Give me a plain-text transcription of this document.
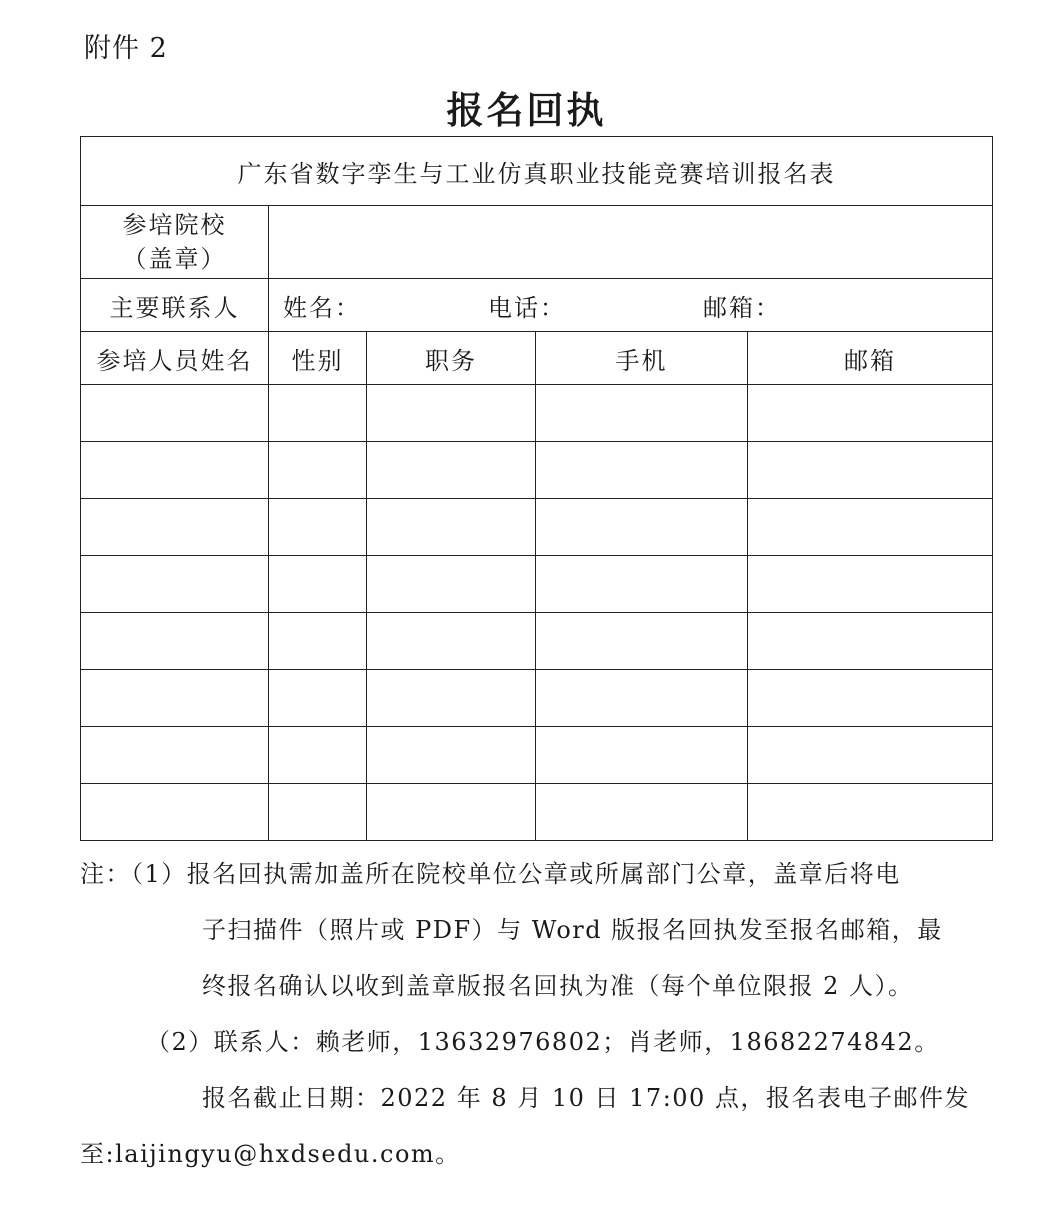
附件 2
报名回执
广东省数字孪生与工业仿真职业技能竞赛培训报名表				

参培院校
（盖章）				

主要联系人	姓名： 电话： 邮箱：			
参培人员姓名	性别	职务	手机	邮箱

注：（1）报名回执需加盖所在院校单位公章或所属部门公章，盖章后将电
子扫描件（照片或 PDF）与 Word 版报名回执发至报名邮箱，最
终报名确认以收到盖章版报名回执为准（每个单位限报 2 人）。
（2）联系人：赖老师，13632976802；肖老师，18682274842。
报名截止日期：2022 年 8 月 10 日 17:00 点，报名表电子邮件发
至:laijingyu@hxdsedu.com。
